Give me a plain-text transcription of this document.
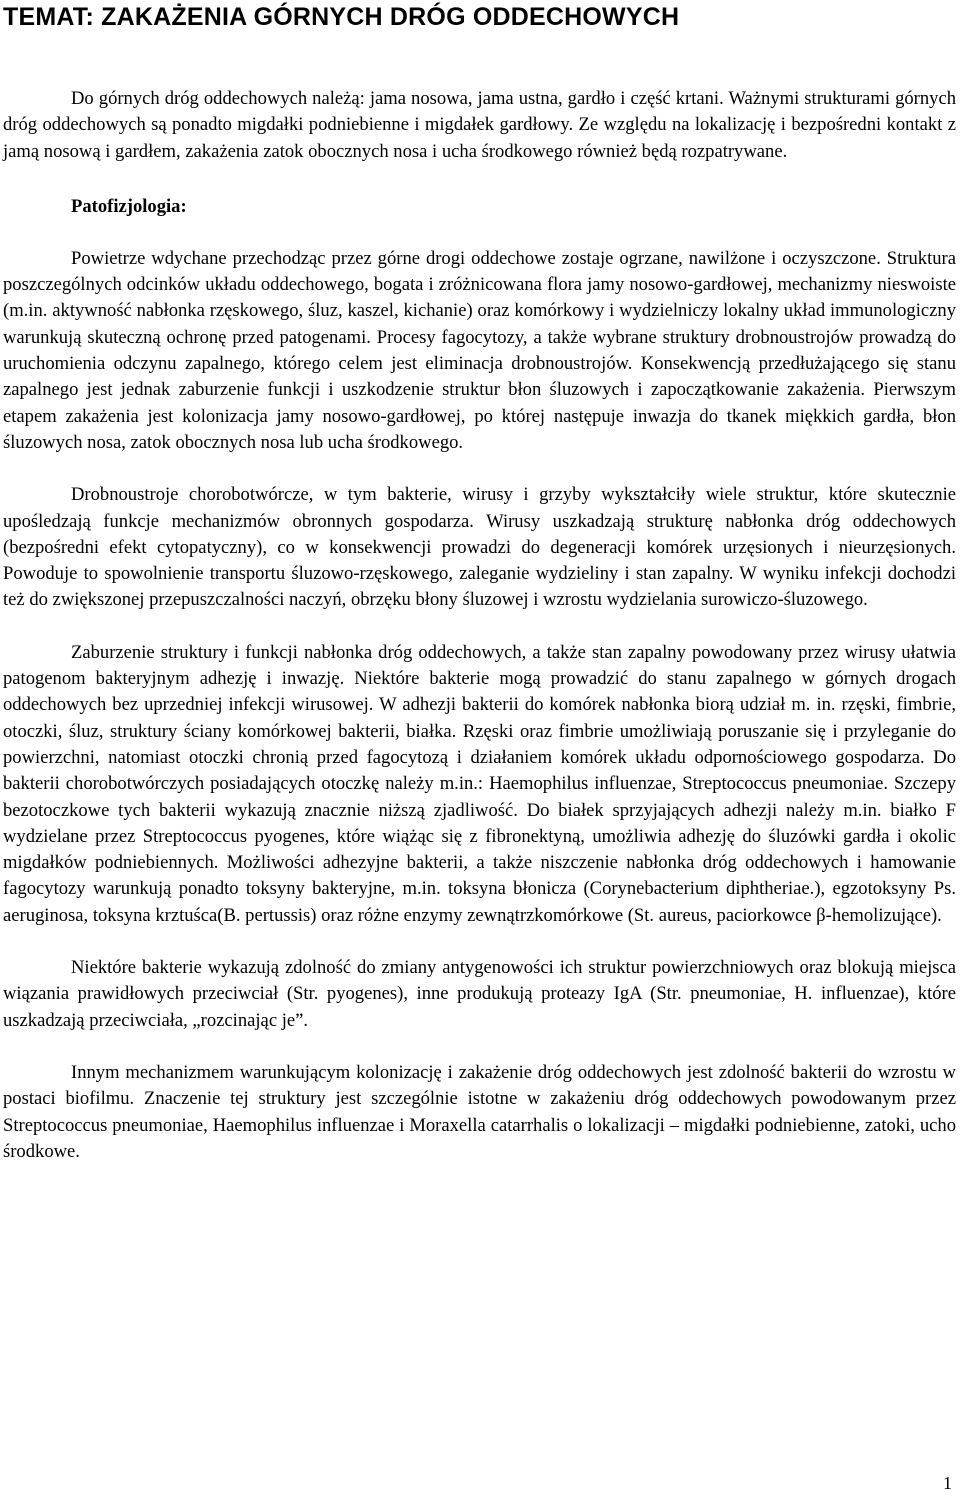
TEMAT: ZAKAŻENIA GÓRNYCH DRÓG ODDECHOWYCH

Do górnych dróg oddechowych należą: jama nosowa, jama ustna, gardło i część krtani. Ważnymi strukturami górnych dróg oddechowych są ponadto migdałki podniebienne i migdałek gardłowy. Ze względu na lokalizację i bezpośredni kontakt z jamą nosową i gardłem, zakażenia zatok obocznych nosa i ucha środkowego również będą rozpatrywane.

Patofizjologia:

Powietrze wdychane przechodząc przez górne drogi oddechowe zostaje ogrzane, nawilżone i oczyszczone. Struktura poszczególnych odcinków układu oddechowego, bogata i zróżnicowana flora jamy nosowo-gardłowej, mechanizmy nieswoiste (m.in. aktywność nabłonka rzęskowego, śluz, kaszel, kichanie) oraz komórkowy i wydzielniczy lokalny układ immunologiczny warunkują skuteczną ochronę przed patogenami. Procesy fagocytozy, a także wybrane struktury drobnoustrojów prowadzą do uruchomienia odczynu zapalnego, którego celem jest eliminacja drobnoustrojów. Konsekwencją przedłużającego się stanu zapalnego jest jednak zaburzenie funkcji i uszkodzenie struktur błon śluzowych i zapoczątkowanie zakażenia. Pierwszym etapem zakażenia jest kolonizacja jamy nosowo-gardłowej, po której następuje inwazja do tkanek miękkich gardła, błon śluzowych nosa, zatok obocznych nosa lub ucha środkowego.

Drobnoustroje chorobotwórcze, w tym bakterie, wirusy i grzyby wykształciły wiele struktur, które skutecznie upośledzają funkcje mechanizmów obronnych gospodarza. Wirusy uszkadzają strukturę nabłonka dróg oddechowych (bezpośredni efekt cytopatyczny), co w konsekwencji prowadzi do degeneracji komórek urzęsionych i nieurzęsionych. Powoduje to spowolnienie transportu śluzowo-rzęskowego, zaleganie wydzieliny i stan zapalny. W wyniku infekcji dochodzi też do zwiększonej przepuszczalności naczyń, obrzęku błony śluzowej i wzrostu wydzielania surowiczo-śluzowego.

Zaburzenie struktury i funkcji nabłonka dróg oddechowych, a także stan zapalny powodowany przez wirusy ułatwia patogenom bakteryjnym adhezję i inwazję. Niektóre bakterie mogą prowadzić do stanu zapalnego w górnych drogach oddechowych bez uprzedniej infekcji wirusowej. W adhezji bakterii do komórek nabłonka biorą udział m. in. rzęski, fimbrie, otoczki, śluz, struktury ściany komórkowej bakterii, białka. Rzęski oraz fimbrie umożliwiają poruszanie się i przyleganie do powierzchni, natomiast otoczki chronią przed fagocytozą i działaniem komórek układu odpornościowego gospodarza. Do bakterii chorobotwórczych posiadających otoczkę należy m.in.: Haemophilus influenzae, Streptococcus pneumoniae. Szczepy bezotoczkowe tych bakterii wykazują znacznie niższą zjadliwość. Do białek sprzyjających adhezji należy m.in. białko F wydzielane przez Streptococcus pyogenes, które wiążąc się z fibronektyną, umożliwia adhezję do śluzówki gardła i okolic migdałków podniebiennych. Możliwości adhezyjne bakterii, a także niszczenie nabłonka dróg oddechowych i hamowanie fagocytozy warunkują ponadto toksyny bakteryjne, m.in. toksyna błonicza (Corynebacterium diphtheriae.), egzotoksyny Ps. aeruginosa, toksyna krztuśca(B. pertussis) oraz różne enzymy zewnątrzkomórkowe (St. aureus, paciorkowce β-hemolizujące).

Niektóre bakterie wykazują zdolność do zmiany antygenowości ich struktur powierzchniowych oraz blokują miejsca wiązania prawidłowych przeciwciał (Str. pyogenes), inne produkują proteazy IgA (Str. pneumoniae, H. influenzae), które uszkadzają przeciwciała, „rozcinając je”.

Innym mechanizmem warunkującym kolonizację i zakażenie dróg oddechowych jest zdolność bakterii do wzrostu w postaci biofilmu. Znaczenie tej struktury jest szczególnie istotne w zakażeniu dróg oddechowych powodowanym przez Streptococcus pneumoniae, Haemophilus influenzae i Moraxella catarrhalis o lokalizacji – migdałki podniebienne, zatoki, ucho środkowe.

1
